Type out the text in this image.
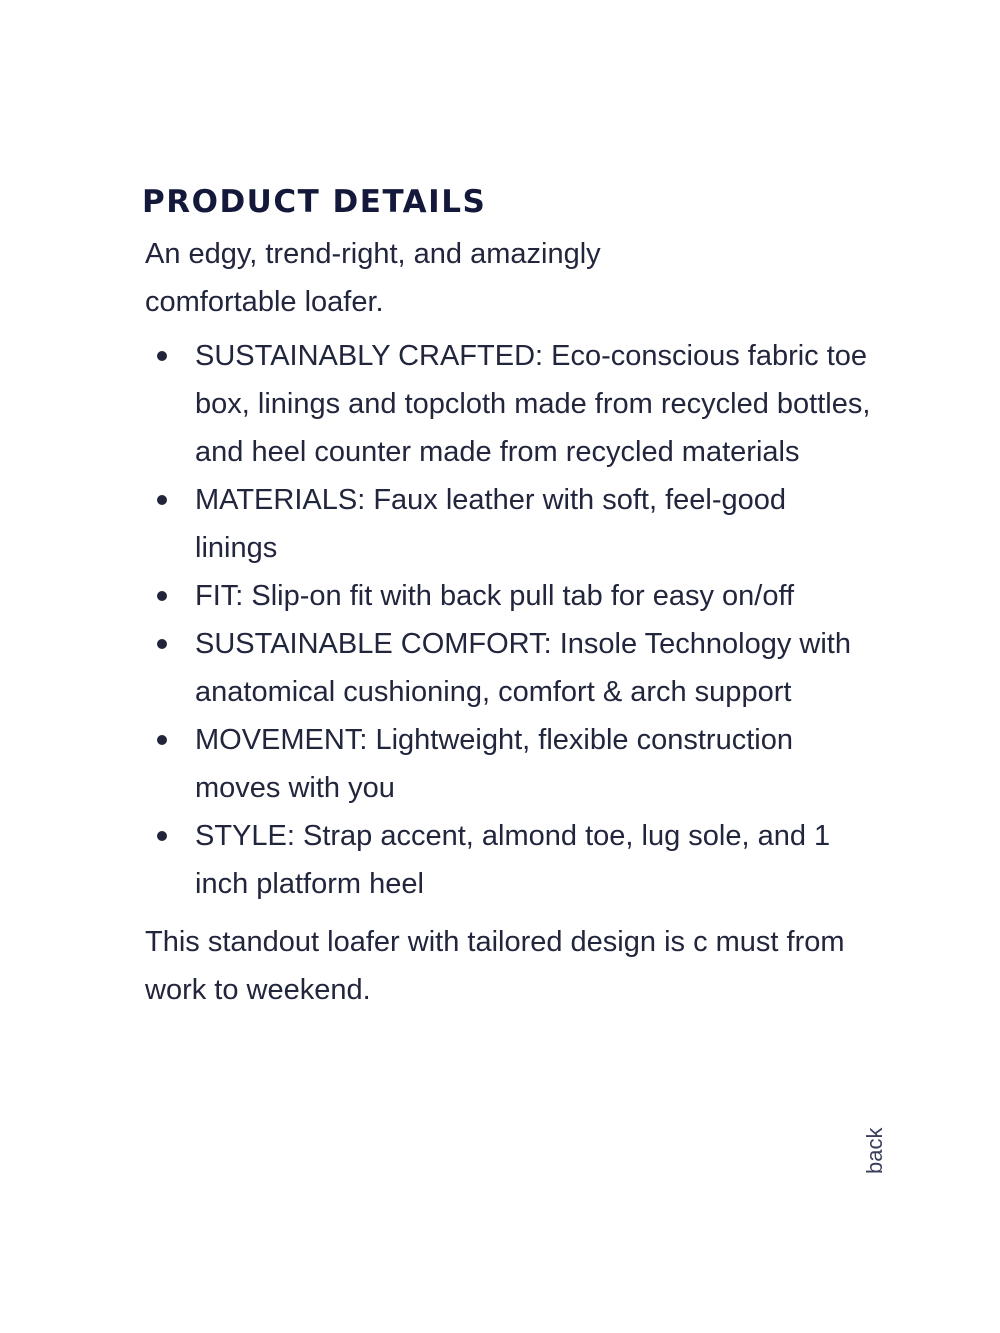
PRODUCT DETAILS

An edgy, trend-right, and amazingly comfortable loafer.

SUSTAINABLY CRAFTED: Eco-conscious fabric toe box, linings and topcloth made from recycled bottles, and heel counter made from recycled materials
MATERIALS: Faux leather with soft, feel-good linings
FIT: Slip-on fit with back pull tab for easy on/off
SUSTAINABLE COMFORT: Insole Technology with anatomical cushioning, comfort & arch support
MOVEMENT: Lightweight, flexible construction moves with you
STYLE: Strap accent, almond toe, lug sole, and 1 inch platform heel

This standout loafer with tailored design is c must from work to weekend.

back
